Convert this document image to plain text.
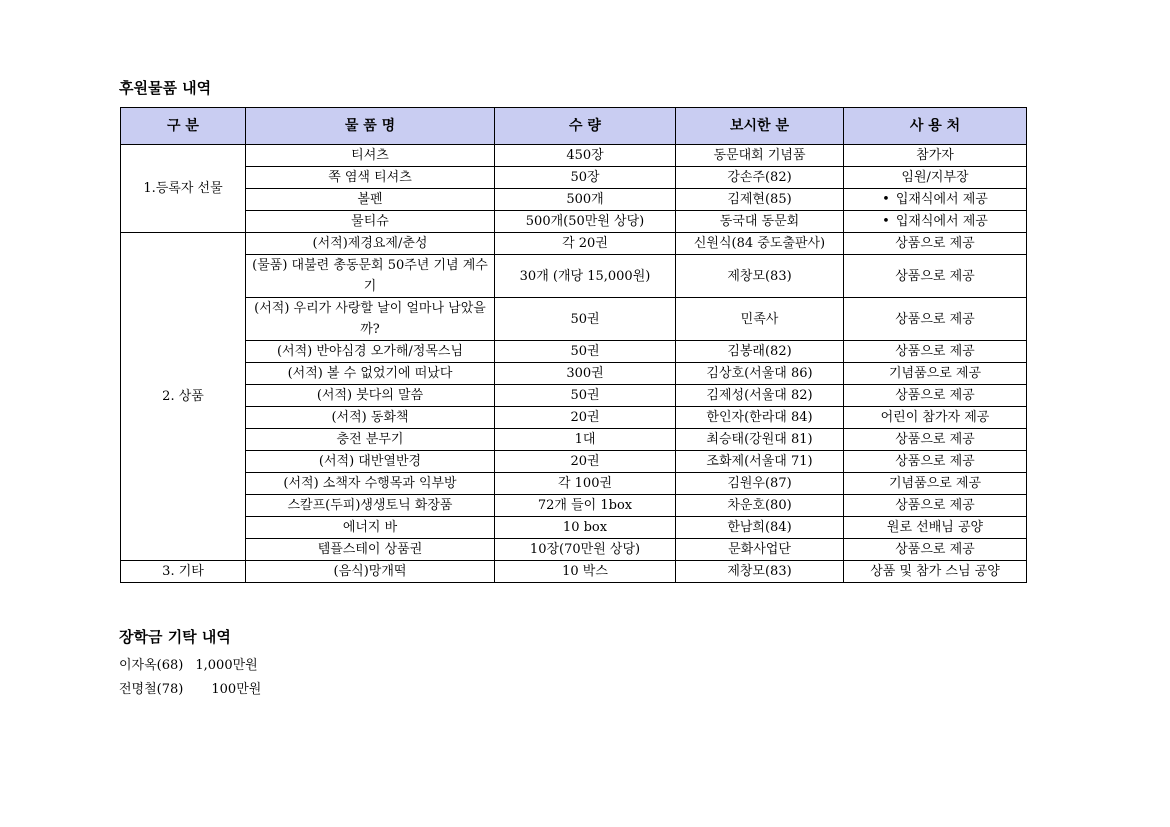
후원물품 내역
구 분	물 품 명	수 량	보시한 분	사 용 처
1.등록자 선물	티셔츠	450장	동문대회 기념품	참가자
	쪽 염색 티셔츠	50장	강손주(82)	임원/지부장
	볼펜	500개	김제현(85)	• 입재식에서 제공
	물티슈	500개(50만원 상당)	동국대 동문회	• 입재식에서 제공
2. 상품	(서적)제경요제/춘성	각 20권	신원식(84 중도출판사)	상품으로 제공
	(물품) 대불련 총동문회 50주년 기념 계수기	30개 (개당 15,000원)	제창모(83)	상품으로 제공
	(서적) 우리가 사랑할 날이 얼마나 남았을까?	50권	민족사	상품으로 제공
	(서적) 반야심경 오가해/정목스님	50권	김봉래(82)	상품으로 제공
	(서적) 볼 수 없었기에 떠났다	300권	김상호(서울대 86)	기념품으로 제공
	(서적) 붓다의 말씀	50권	김제성(서울대 82)	상품으로 제공
	(서적) 동화책	20권	한인자(한라대 84)	어린이 참가자 제공
	충전 분무기	1대	최승태(강원대 81)	상품으로 제공
	(서적) 대반열반경	20권	조화제(서울대 71)	상품으로 제공
	(서적) 소책자 수행목과 익부방	각 100권	김원우(87)	기념품으로 제공
	스칼프(두피)생생토닉 화장품	72개 들이 1box	차운호(80)	상품으로 제공
	에너지 바	10 box	한남희(84)	원로 선배님 공양
	템플스테이 상품권	10장(70만원 상당)	문화사업단	상품으로 제공
3. 기타	(음식)망개떡	10 박스	제창모(83)	상품 및 참가 스님 공양
장학금 기탁 내역
이자옥(68) 1,000만원
전명철(78) 100만원
